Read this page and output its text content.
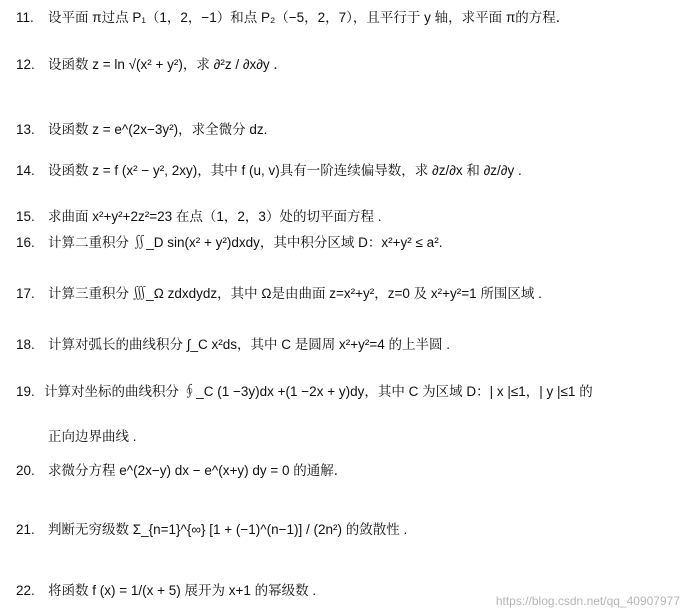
11. 设平面 π过点 P₁（1，2，−1）和点 P₂（−5，2，7），且平行于 y 轴，求平面 π的方程．
12. 设函数 z = ln √(x² + y²)，求 ∂²z / ∂x∂y ．
13. 设函数 z = e^(2x−3y²)，求全微分 dz.
14. 设函数 z = f (x² − y², 2xy)，其中 f (u, v)具有一阶连续偏导数，求 ∂z/∂x 和 ∂z/∂y .
15. 求曲面 x²+y²+2z²=23 在点（1，2，3）处的切平面方程 .
16. 计算二重积分 ∬_D sin(x² + y²)dxdy，其中积分区域 D：x²+y² ≤ a².
17. 计算三重积分 ∭_Ω zdxdydz，其中 Ω是由曲面 z=x²+y²，z=0 及 x²+y²=1 所围区域 .
18. 计算对弧长的曲线积分 ∫_C x²ds，其中 C 是圆周 x²+y²=4 的上半圆 .
19. 计算对坐标的曲线积分 ∮_C (1 −3y)dx +(1 −2x + y)dy，其中 C 为区域 D：| x |≤1，| y |≤1 的
正向边界曲线 .
20. 求微分方程 e^(2x−y) dx − e^(x+y) dy = 0 的通解．
21. 判断无穷级数 Σ_{n=1}^{∞} [1 + (−1)^(n−1)] / (2n²) 的敛散性 .
22. 将函数 f (x) = 1/(x + 5) 展开为 x+1 的幂级数 .
https://blog.csdn.net/qq_40907977
